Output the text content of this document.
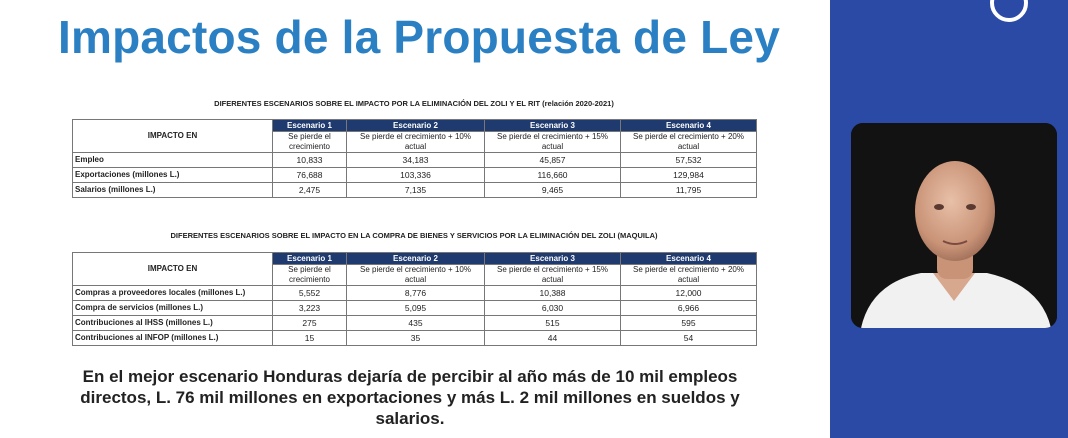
Impactos de la Propuesta de Ley
DIFERENTES ESCENARIOS SOBRE EL IMPACTO POR LA ELIMINACIÓN DEL ZOLI Y EL RIT (relación 2020-2021)
IMPACTO EN	Escenario 1	Escenario 2	Escenario 3	Escenario 4
	Se pierde el crecimiento	Se pierde el crecimiento + 10% actual	Se pierde el crecimiento + 15% actual	Se pierde el crecimiento + 20% actual
Empleo	10,833	34,183	45,857	57,532
Exportaciones (millones L.)	76,688	103,336	116,660	129,984
Salarios (millones L.)	2,475	7,135	9,465	11,795
DIFERENTES ESCENARIOS SOBRE EL IMPACTO EN LA COMPRA DE BIENES Y SERVICIOS POR LA ELIMINACIÓN DEL ZOLI (MAQUILA)
IMPACTO EN	Escenario 1	Escenario 2	Escenario 3	Escenario 4
	Se pierde el crecimiento	Se pierde el crecimiento + 10% actual	Se pierde el crecimiento + 15% actual	Se pierde el crecimiento + 20% actual
Compras a proveedores locales (millones L.)	5,552	8,776	10,388	12,000
Compra de servicios (millones L.)	3,223	5,095	6,030	6,966
Contribuciones al IHSS (millones L.)	275	435	515	595
Contribuciones al INFOP (millones L.)	15	35	44	54

En el mejor escenario Honduras dejaría de percibir al año más de 10 mil empleos directos, L. 76 mil millones en exportaciones y más L. 2 mil millones en sueldos y salarios.
